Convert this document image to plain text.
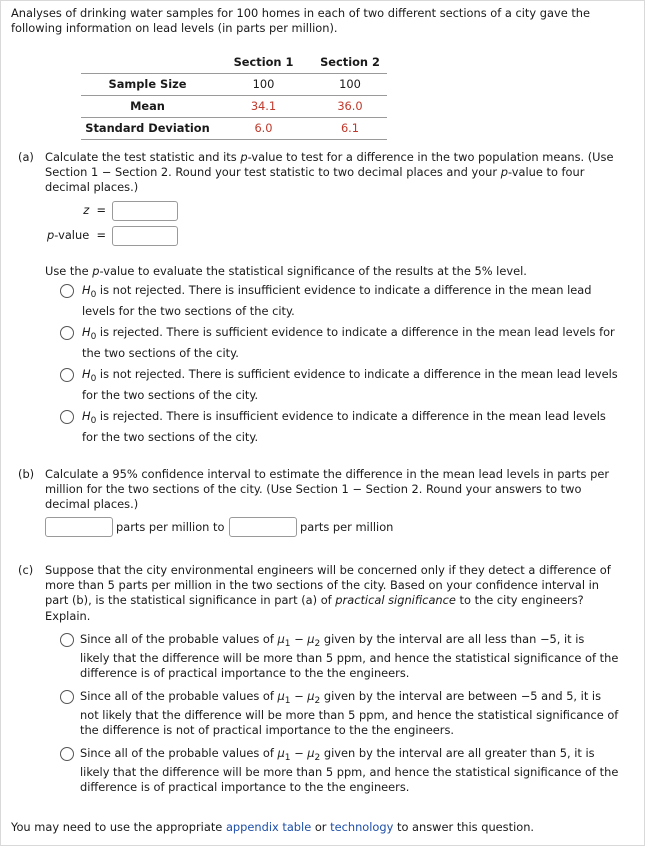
Analyses of drinking water samples for 100 homes in each of two different sections of a city gave the
following information on lead levels (in parts per million).
	Section 1	Section 2
Sample Size	100	100
Mean	34.1	36.0
Standard Deviation	6.0	6.1
(a) Calculate the test statistic and its p-value to test for a difference in the two population means. (Use
Section 1 − Section 2. Round your test statistic to two decimal places and your p-value to four
decimal places.)
z =
p-value =
Use the p-value to evaluate the statistical significance of the results at the 5% level.
$H_0$ is not rejected. There is insufficient evidence to indicate a difference in the mean lead
levels for the two sections of the city.
$H_0$ is rejected. There is sufficient evidence to indicate a difference in the mean lead levels for
the two sections of the city.
$H_0$ is not rejected. There is sufficient evidence to indicate a difference in the mean lead levels
for the two sections of the city.
$H_0$ is rejected. There is insufficient evidence to indicate a difference in the mean lead levels
for the two sections of the city.
(b) Calculate a 95% confidence interval to estimate the difference in the mean lead levels in parts per
million for the two sections of the city. (Use Section 1 − Section 2. Round your answers to two
decimal places.)
parts per million to	parts per million
(c)	Suppose that the city environmental engineers will be concerned only if they detect a difference of
more than 5 parts per million in the two sections of the city. Based on your confidence interval in
part (b), is the statistical significance in part (a) of practical significance to the city engineers?
Explain.
Since all of the probable values of $\mu_1 - \mu_2$ given by the interval are all less than −5, it is
likely that the difference will be more than 5 ppm, and hence the statistical significance of the
difference is of practical importance to the the engineers.
Since all of the probable values of $\mu_1 - \mu_2$ given by the interval are between −5 and 5, it is
not likely that the difference will be more than 5 ppm, and hence the statistical significance of
the difference is not of practical importance to the the engineers.
Since all of the probable values of $\mu_1 - \mu_2$ given by the interval are all greater than 5, it is
likely that the difference will be more than 5 ppm, and hence the statistical significance of the
difference is of practical importance to the the engineers.
You may need to use the appropriate appendix table or technology to answer this question.
